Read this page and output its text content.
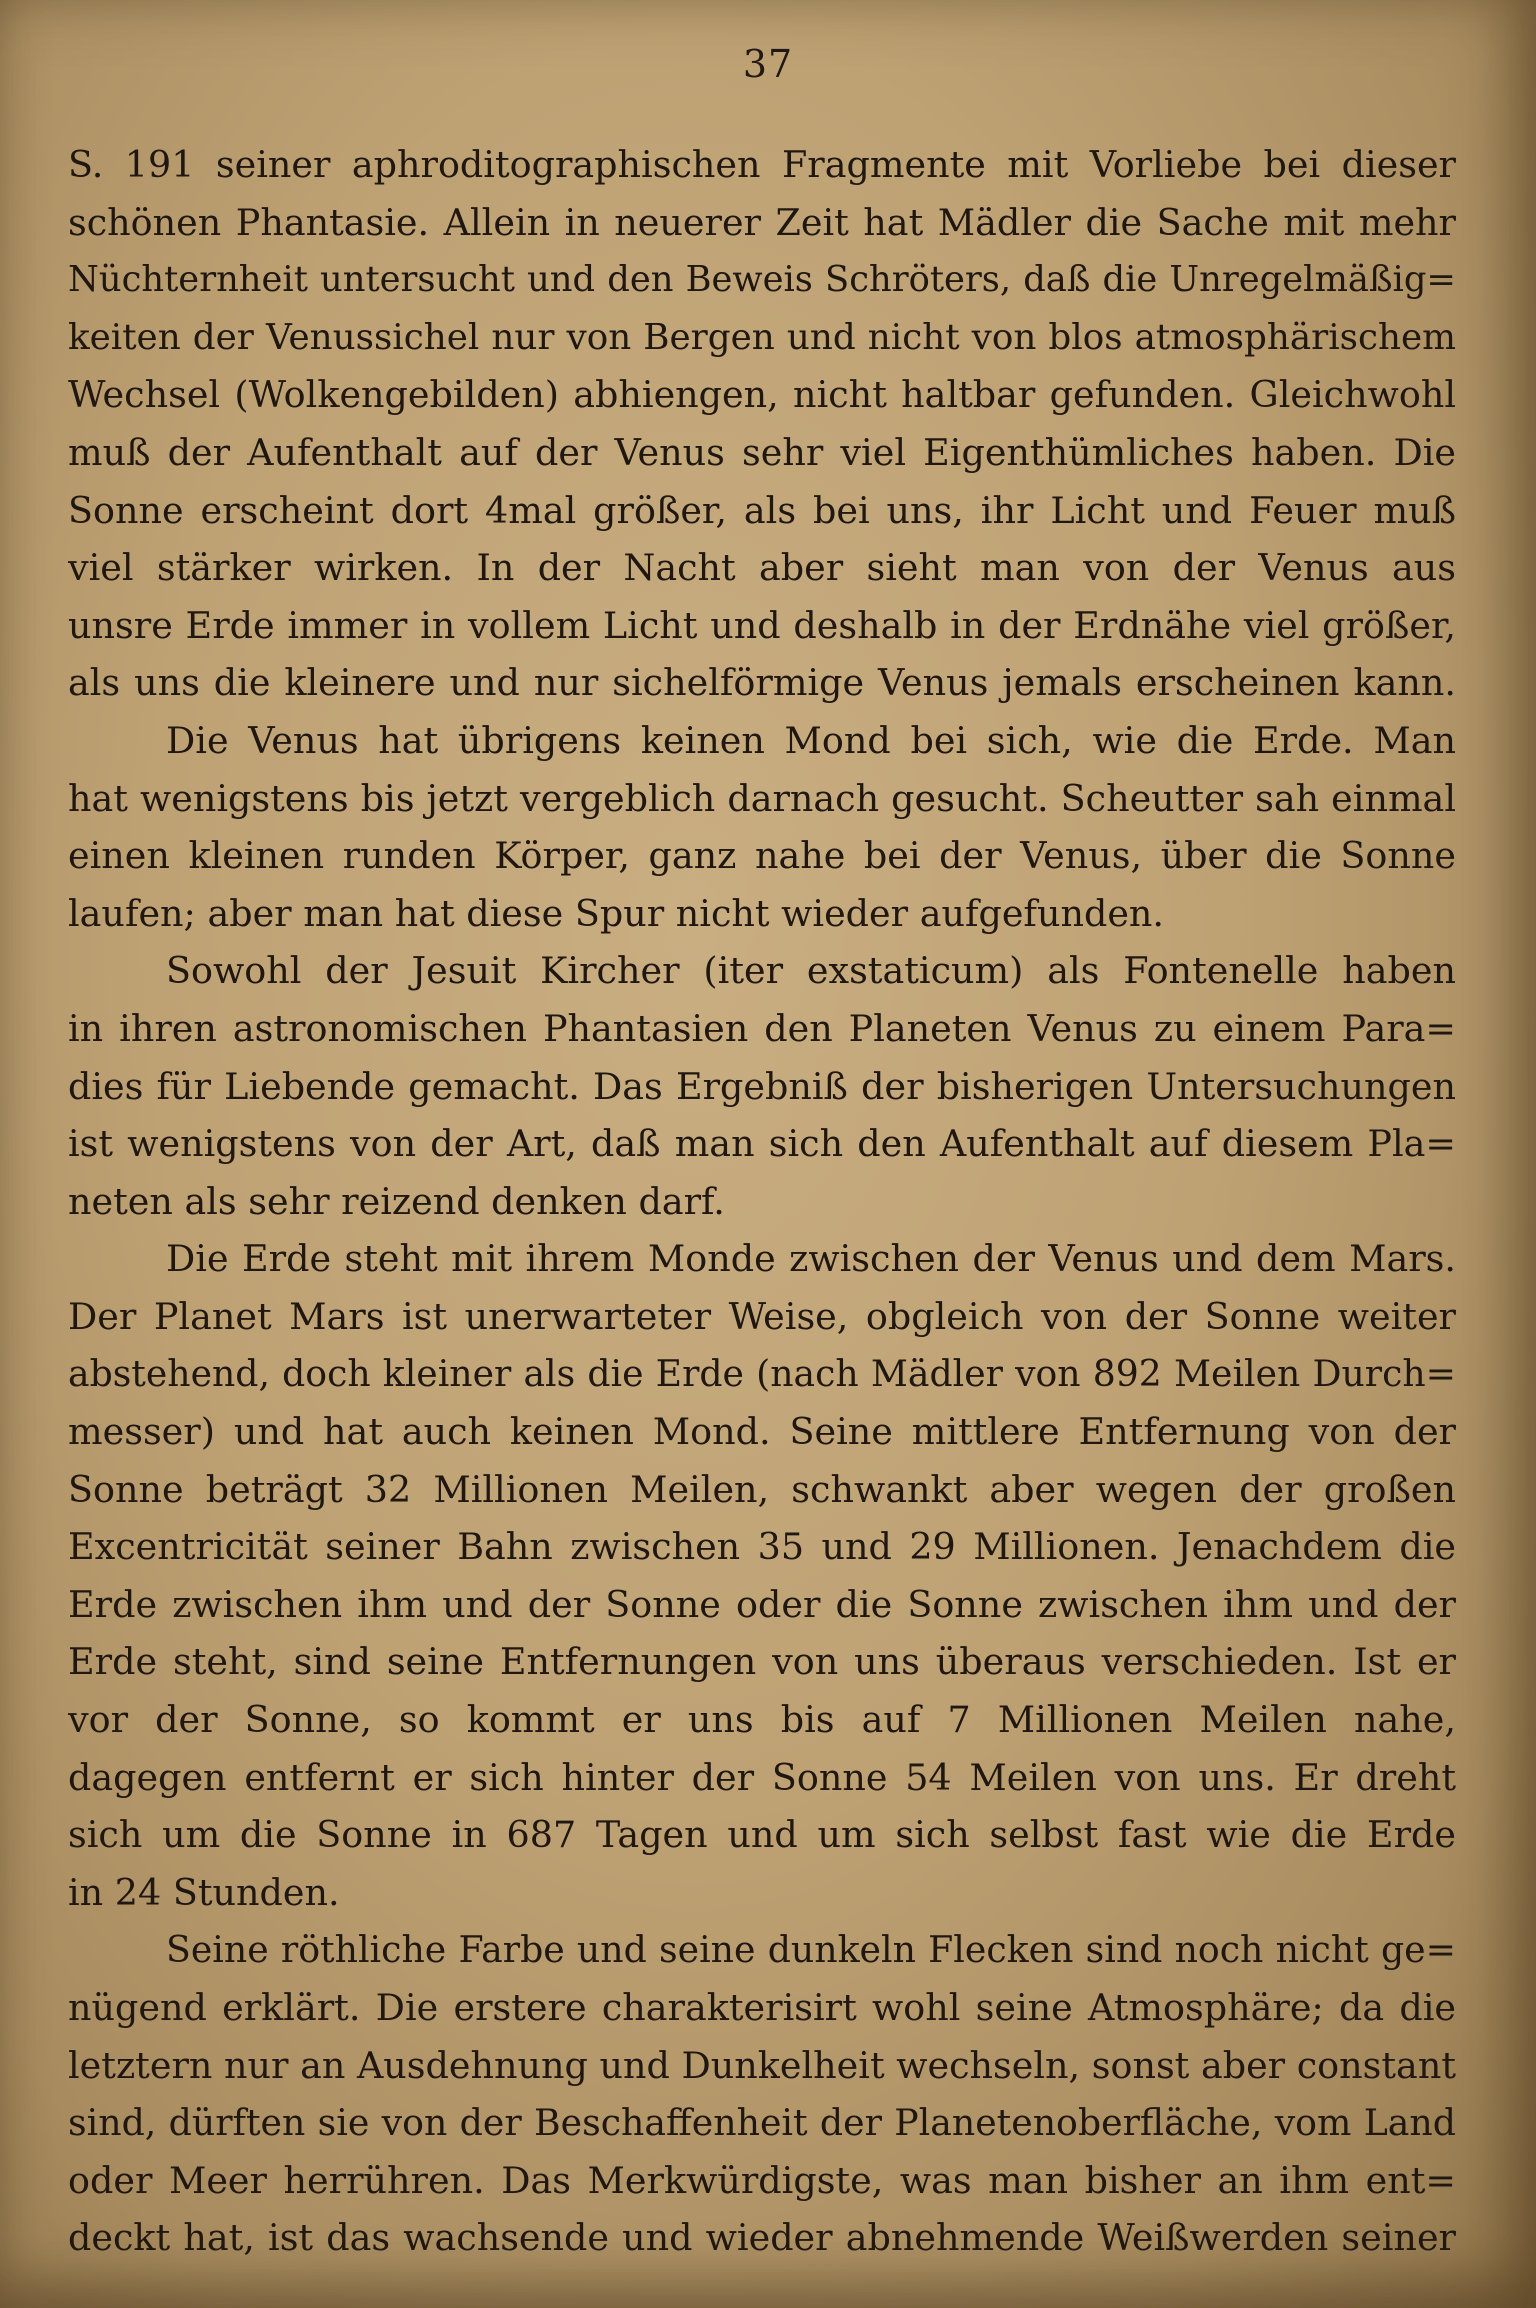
37
S. 191 seiner aphroditographischen Fragmente mit Vorliebe bei dieser
schönen Phantasie. Allein in neuerer Zeit hat Mädler die Sache mit mehr
Nüchternheit untersucht und den Beweis Schröters, daß die Unregelmäßig=
keiten der Venussichel nur von Bergen und nicht von blos atmosphärischem
Wechsel (Wolkengebilden) abhiengen, nicht haltbar gefunden. Gleichwohl
muß der Aufenthalt auf der Venus sehr viel Eigenthümliches haben. Die
Sonne erscheint dort 4mal größer, als bei uns, ihr Licht und Feuer muß
viel stärker wirken. In der Nacht aber sieht man von der Venus aus
unsre Erde immer in vollem Licht und deshalb in der Erdnähe viel größer,
als uns die kleinere und nur sichelförmige Venus jemals erscheinen kann.
Die Venus hat übrigens keinen Mond bei sich, wie die Erde. Man
hat wenigstens bis jetzt vergeblich darnach gesucht. Scheutter sah einmal
einen kleinen runden Körper, ganz nahe bei der Venus, über die Sonne
laufen; aber man hat diese Spur nicht wieder aufgefunden.
Sowohl der Jesuit Kircher (iter exstaticum) als Fontenelle haben
in ihren astronomischen Phantasien den Planeten Venus zu einem Para=
dies für Liebende gemacht. Das Ergebniß der bisherigen Untersuchungen
ist wenigstens von der Art, daß man sich den Aufenthalt auf diesem Pla=
neten als sehr reizend denken darf.
Die Erde steht mit ihrem Monde zwischen der Venus und dem Mars.
Der Planet Mars ist unerwarteter Weise, obgleich von der Sonne weiter
abstehend, doch kleiner als die Erde (nach Mädler von 892 Meilen Durch=
messer) und hat auch keinen Mond. Seine mittlere Entfernung von der
Sonne beträgt 32 Millionen Meilen, schwankt aber wegen der großen
Excentricität seiner Bahn zwischen 35 und 29 Millionen. Jenachdem die
Erde zwischen ihm und der Sonne oder die Sonne zwischen ihm und der
Erde steht, sind seine Entfernungen von uns überaus verschieden. Ist er
vor der Sonne, so kommt er uns bis auf 7 Millionen Meilen nahe,
dagegen entfernt er sich hinter der Sonne 54 Meilen von uns. Er dreht
sich um die Sonne in 687 Tagen und um sich selbst fast wie die Erde
in 24 Stunden.
Seine röthliche Farbe und seine dunkeln Flecken sind noch nicht ge=
nügend erklärt. Die erstere charakterisirt wohl seine Atmosphäre; da die
letztern nur an Ausdehnung und Dunkelheit wechseln, sonst aber constant
sind, dürften sie von der Beschaffenheit der Planetenoberfläche, vom Land
oder Meer herrühren. Das Merkwürdigste, was man bisher an ihm ent=
deckt hat, ist das wachsende und wieder abnehmende Weißwerden seiner
